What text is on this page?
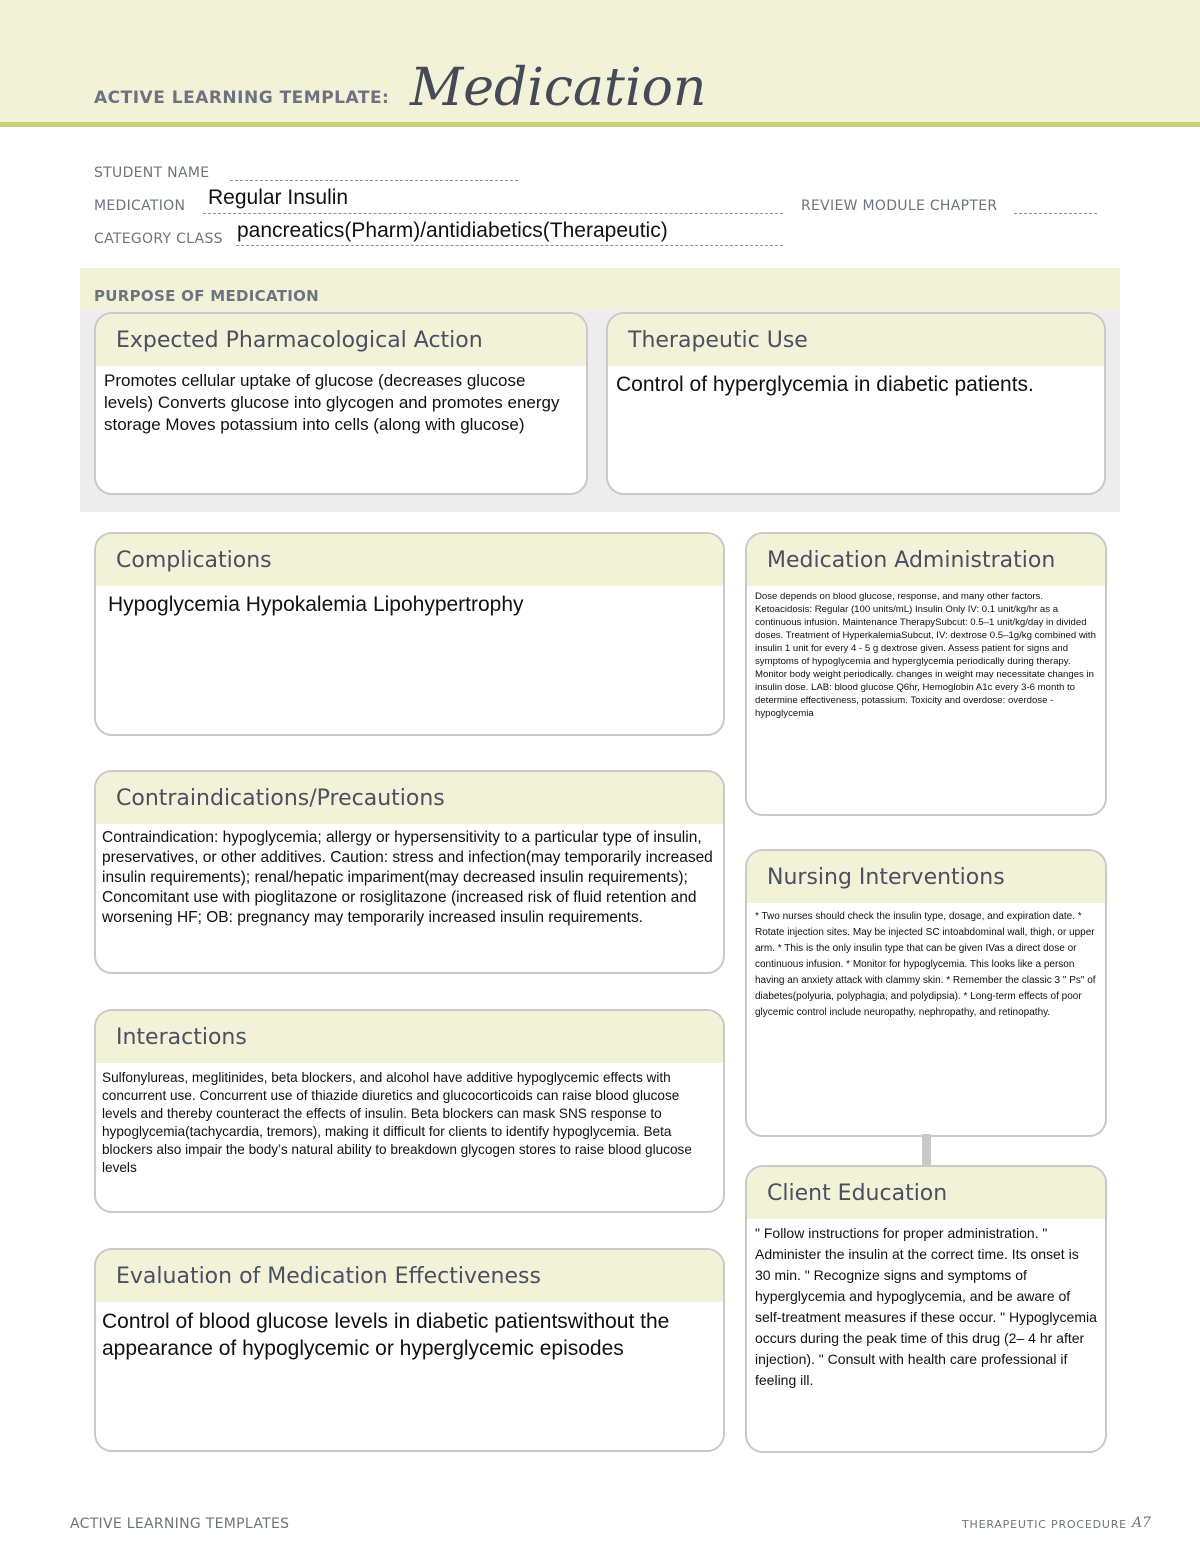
ACTIVE LEARNING TEMPLATE: Medication
STUDENT NAME
MEDICATION Regular Insulin	REVIEW MODULE CHAPTER
CATEGORY CLASS pancreatics(Pharm)/antidiabetics(Therapeutic)
PURPOSE OF MEDICATION
Expected Pharmacological Action
Promotes cellular uptake of glucose (decreases glucose levels) Converts glucose into glycogen and promotes energy storage Moves potassium into cells (along with glucose)
Therapeutic Use
Control of hyperglycemia in diabetic patients.
Complications
Hypoglycemia Hypokalemia Lipohypertrophy
Medication Administration
Dose depends on blood glucose, response, and many other factors. Ketoacidosis: Regular (100 units/mL) Insulin Only IV: 0.1 unit/kg/hr as a continuous infusion. Maintenance TherapySubcut: 0.5–1 unit/kg/day in divided doses. Treatment of HyperkalemiaSubcut, IV: dextrose 0.5–1g/kg combined with insulin 1 unit for every 4 - 5 g dextrose given. Assess patient for signs and symptoms of hypoglycemia and hyperglycemia periodically during therapy. Monitor body weight periodically. changes in weight may necessitate changes in insulin dose. LAB: blood glucose Q6hr, Hemoglobin A1c every 3-6 month to determine effectiveness, potassium. Toxicity and overdose: overdose - hypoglycemia
Contraindications/Precautions
Contraindication: hypoglycemia; allergy or hypersensitivity to a particular type of insulin, preservatives, or other additives. Caution: stress and infection(may temporarily increased insulin requirements); renal/hepatic impariment(may decreased insulin requirements); Concomitant use with pioglitazone or rosiglitazone (increased risk of fluid retention and worsening HF; OB: pregnancy may temporarily increased insulin requirements.
Nursing Interventions
* Two nurses should check the insulin type, dosage, and expiration date. * Rotate injection sites. May be injected SC intoabdominal wall, thigh, or upper arm. * This is the only insulin type that can be given IVas a direct dose or continuous infusion. * Monitor for hypoglycemia. This looks like a person having an anxiety attack with clammy skin. * Remember the classic 3 " Ps" of diabetes(polyuria, polyphagia, and polydipsia). * Long-term effects of poor glycemic control include neuropathy, nephropathy, and retinopathy.
Interactions
Sulfonylureas, meglitinides, beta blockers, and alcohol have additive hypoglycemic effects with concurrent use. Concurrent use of thiazide diuretics and glucocorticoids can raise blood glucose levels and thereby counteract the effects of insulin. Beta blockers can mask SNS response to hypoglycemia(tachycardia, tremors), making it difficult for clients to identify hypoglycemia. Beta blockers also impair the body’s natural ability to breakdown glycogen stores to raise blood glucose levels
Client Education
" Follow instructions for proper administration. " Administer the insulin at the correct time. Its onset is 30 min. " Recognize signs and symptoms of hyperglycemia and hypoglycemia, and be aware of self-treatment measures if these occur. " Hypoglycemia occurs during the peak time of this drug (2– 4 hr after injection). " Consult with health care professional if feeling ill.
Evaluation of Medication Effectiveness
Control of blood glucose levels in diabetic patientswithout the appearance of hypoglycemic or hyperglycemic episodes
ACTIVE LEARNING TEMPLATES	THERAPEUTIC PROCEDURE A7
